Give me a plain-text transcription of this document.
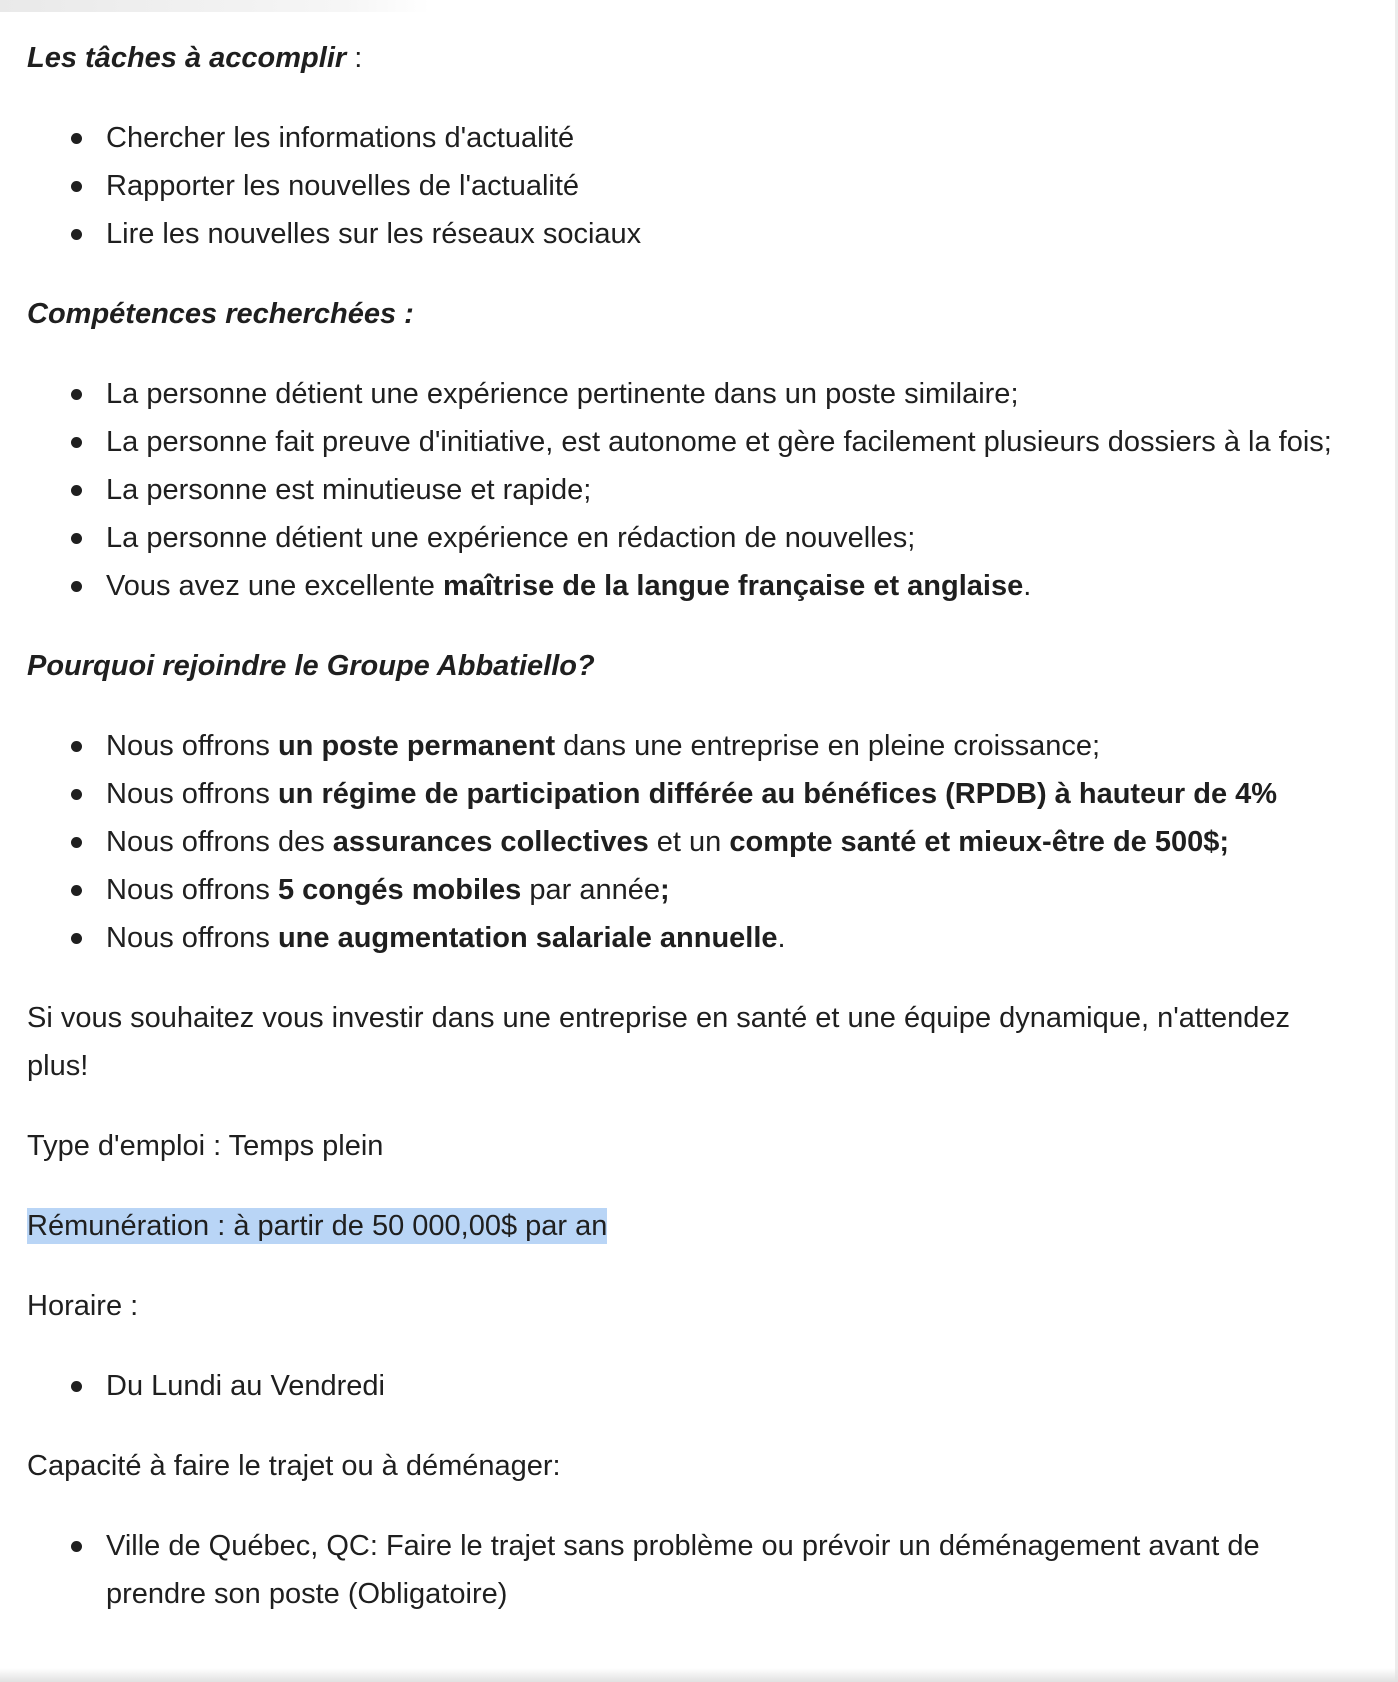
Les tâches à accomplir :
Chercher les informations d'actualité
Rapporter les nouvelles de l'actualité
Lire les nouvelles sur les réseaux sociaux
Compétences recherchées :
La personne détient une expérience pertinente dans un poste similaire;
La personne fait preuve d'initiative, est autonome et gère facilement plusieurs dossiers à la fois;
La personne est minutieuse et rapide;
La personne détient une expérience en rédaction de nouvelles;
Vous avez une excellente maîtrise de la langue française et anglaise.
Pourquoi rejoindre le Groupe Abbatiello?
Nous offrons un poste permanent dans une entreprise en pleine croissance;
Nous offrons un régime de participation différée au bénéfices (RPDB) à hauteur de 4%
Nous offrons des assurances collectives et un compte santé et mieux-être de 500$;
Nous offrons 5 congés mobiles par année;
Nous offrons une augmentation salariale annuelle.

Si vous souhaitez vous investir dans une entreprise en santé et une équipe dynamique, n'attendez plus!

Type d'emploi : Temps plein

Rémunération : à partir de 50 000,00$ par an

Horaire :

Du Lundi au Vendredi

Capacité à faire le trajet ou à déménager:

Ville de Québec, QC: Faire le trajet sans problème ou prévoir un déménagement avant de prendre son poste (Obligatoire)
